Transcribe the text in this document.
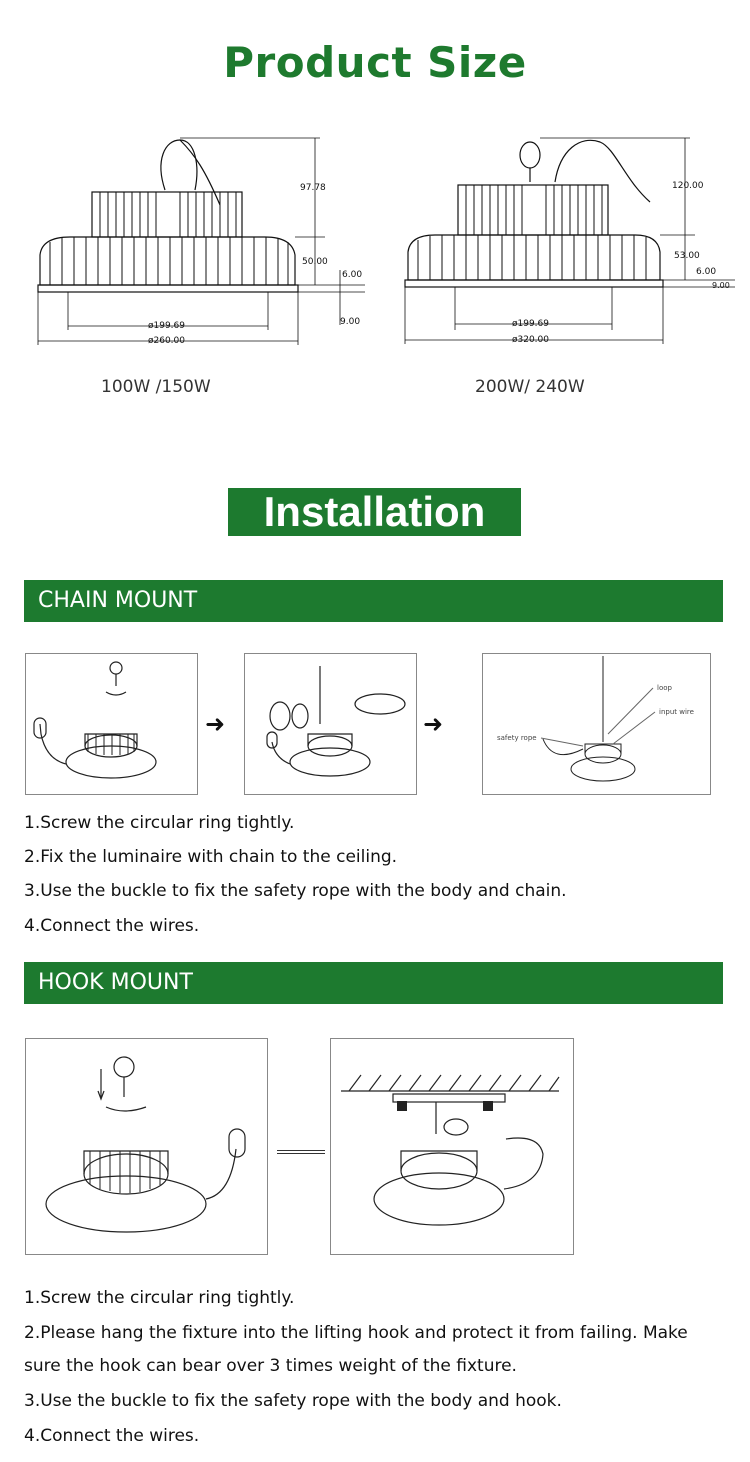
Product Size
97.78
50.00
6.00
9.00
ø199.69
ø260.00
100W /150W
120.00
53.00
6.00
9.00
ø199.69
ø320.00
200W/ 240W
Installation
CHAIN MOUNT
➜	➜
loop
input wire
safety rope
1.Screw the circular ring tightly.
2.Fix the luminaire with chain to the ceiling.
3.Use the buckle to fix the safety rope with the body and chain.
4.Connect the wires.
HOOK MOUNT
1.Screw the circular ring tightly.
2.Please hang the fixture into the lifting hook and protect it from failing. Make
sure the hook can bear over 3 times weight of the fixture.
3.Use the buckle to fix the safety rope with the body and hook.
4.Connect the wires.
